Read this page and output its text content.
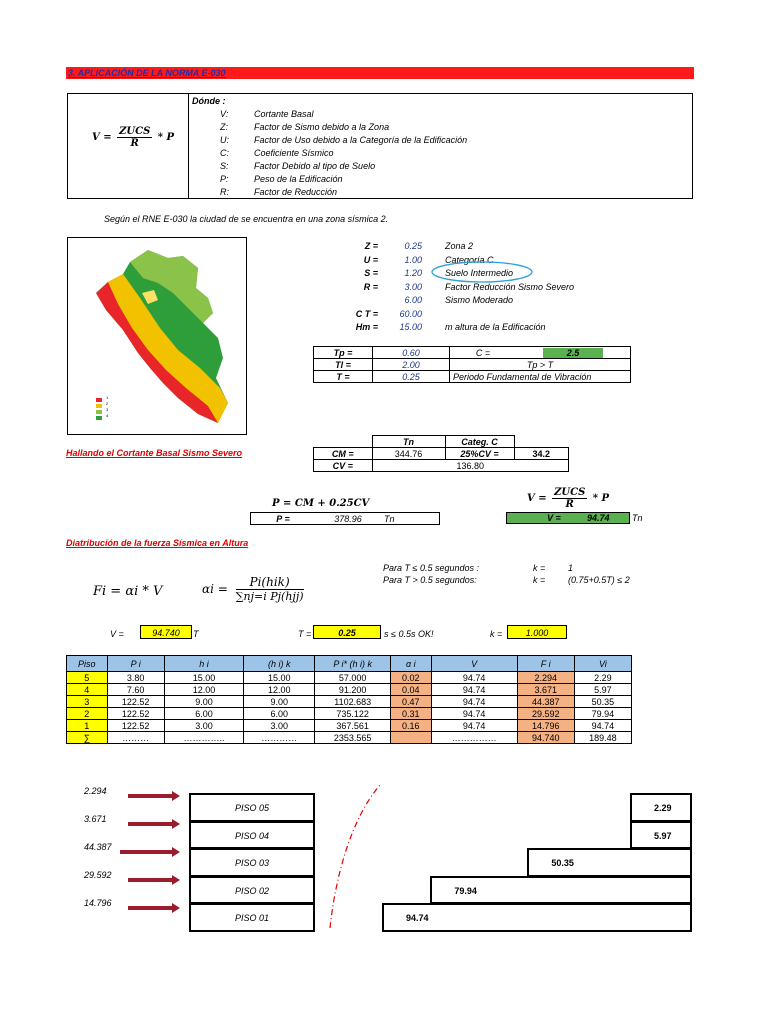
3. APLICACIÓN DE LA NORMA E-030
V =
ZUCS
R
* P
Dónde :
V:	Cortante Basal
Z:	Factor de Sismo debido a la Zona
U:	Factor de Uso debido a la Categoría de la Edificación
C:	Coeficiente Sísmico
S:	Factor Debido al tipo de Suelo
P:	Peso de la Edificación
R:	Factor de Reducción
Según el RNE E-030 la ciudad de se encuentra en una zona sísmica 2.
1
2
3
4
Z =	0.25	Zona 2
U =	1.00	Categoría C
S =	1.20	Suelo Intermedio
R =	3.00	Factor Reducción Sismo Severo
6.00	Sismo Moderado
C T =	60.00
Hm =	15.00	m altura de la Edificación
Tp =	0.60	C =	2.5
Tl =	2.00	Tp > T	
T =	0.25	Periodo Fundamental de Vibración	
Hallando el Cortante Basal Sismo Severo
	Tn	Categ. C	
CM =	344.76	25%CV =	34.2
CV =	136.80		
P = CM + 0.25CV
P =	378.96	Tn
V =
ZUCS
R
* P
V =	94.74 Tn
Diatribución de la fuerza Sísmica en Altura
Fi = αi * V	αi =	Pi(hik)
∑nj=i Pj(hjj)
Para T ≤ 0.5 segundos :	k =	1
Para T > 0.5 segundos:	k =	(0.75+0.5T) ≤ 2
V =	94.740	T	T =	0.25	s ≤ 0.5s OK!	k =	1.000
Piso	P i	h i	(h i) k	P i* (h i) k	α i	V	F i	Vi
5	3.80	15.00	15.00	57.000	0.02	94.74	2.294	2.29
4	7.60	12.00	12.00	91.200	0.04	94.74	3.671	5.97
3	122.52	9.00	9.00	1102.683	0.47	94.74	44.387	50.35
2	122.52	6.00	6.00	735.122	0.31	94.74	29.592	79.94
1	122.52	3.00	3.00	367.561	0.16	94.74	14.796	94.74
∑	………	…………..	…………	2353.565		……………	94.740	189.48
2.294
3.671
44.387
29.592
14.796
PISO 05
PISO 04
PISO 03
PISO 02
PISO 01
2.29
5.97
50.35
79.94
94.74
